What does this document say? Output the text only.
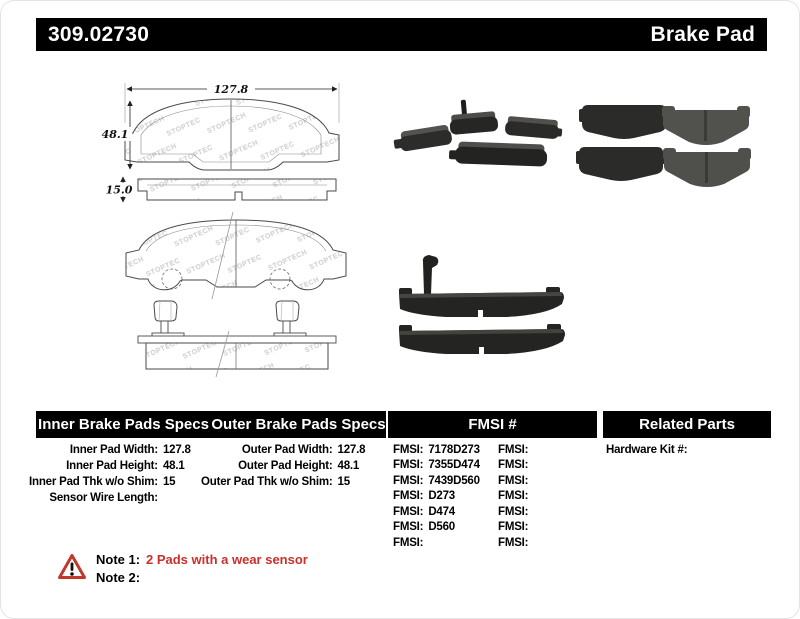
309.02730	Brake Pad
127.8
48.1
15.0
Inner Brake Pads Specs Outer Brake Pads Specs	FMSI #	Related Parts
Inner Pad Width:	127.8
Inner Pad Height:	48.1
Inner Pad Thk w/o Shim:	15
Sensor Wire Length:	
Outer Pad Width:	127.8
Outer Pad Height:	48.1
Outer Pad Thk w/o Shim:	15
FMSI:	7178D273
FMSI:	7355D474
FMSI:	7439D560
FMSI:	D273
FMSI:	D474
FMSI:	D560
FMSI:	
FMSI:	
FMSI:	
FMSI:	
FMSI:	
FMSI:	
FMSI:	
FMSI:	
Hardware Kit #:	
Note 1: 2 Pads with a wear sensor
Note 2:
